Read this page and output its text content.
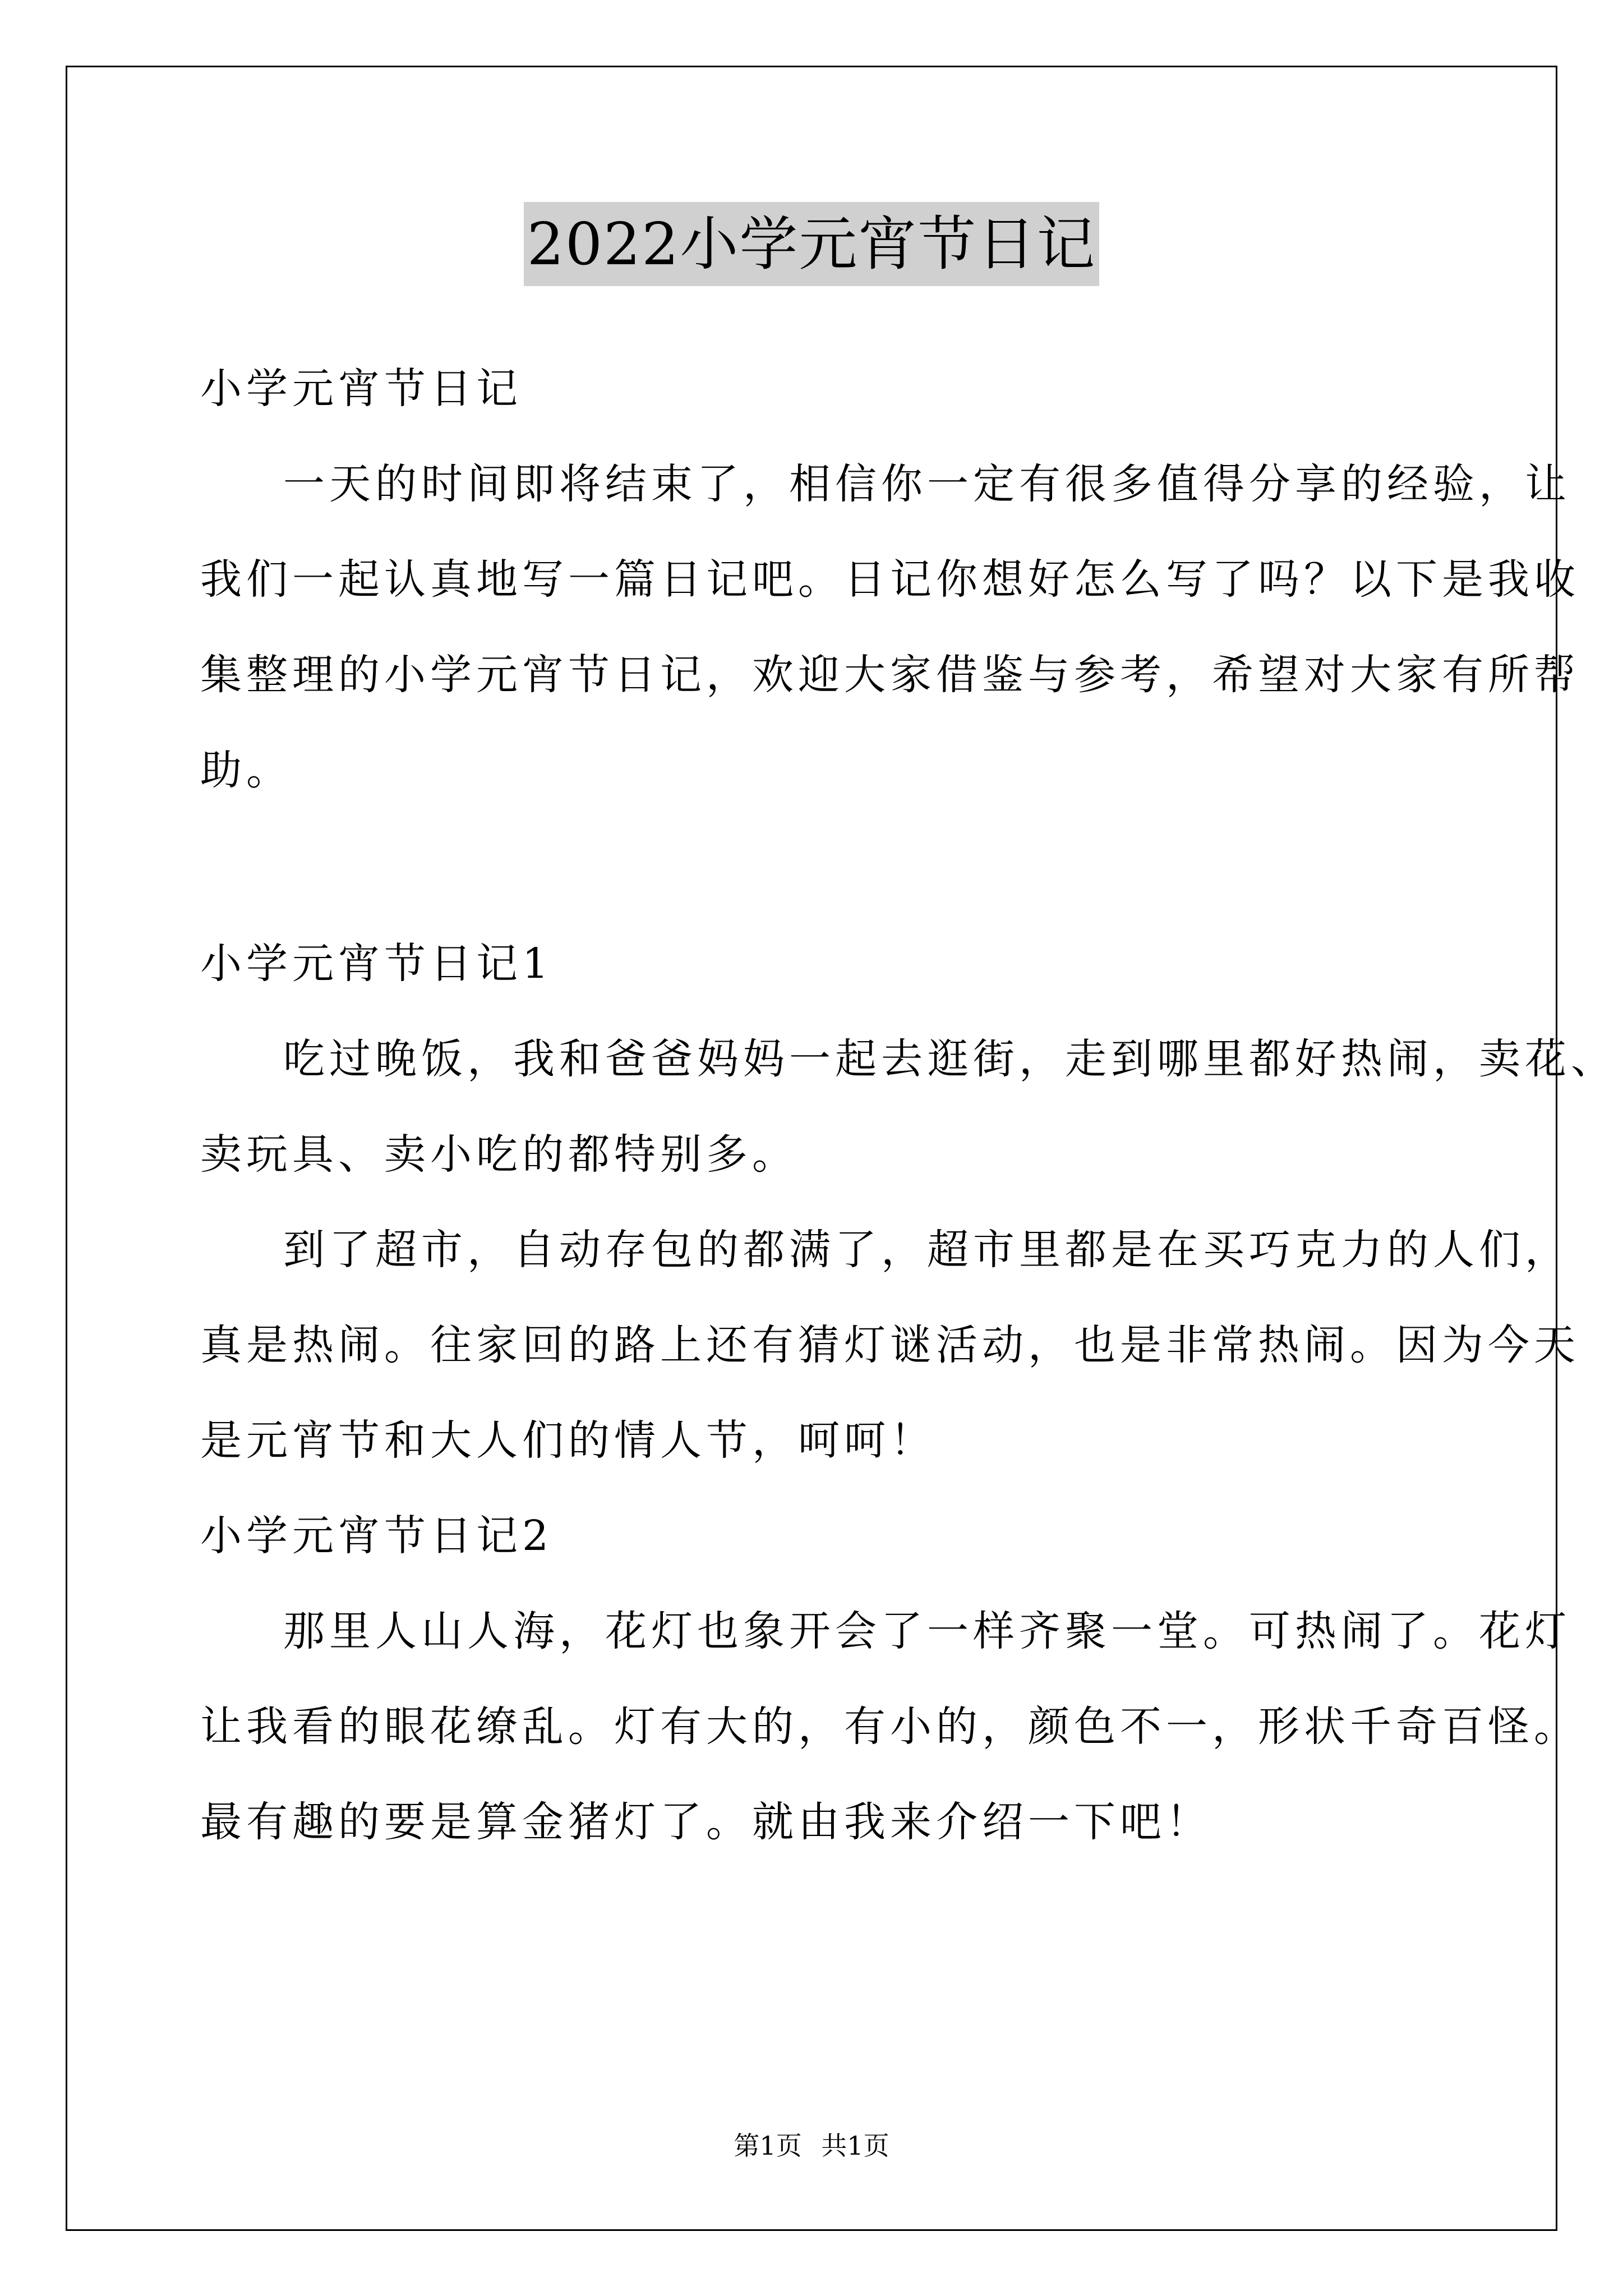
2022小学元宵节日记
小学元宵节日记
一天的时间即将结束了，相信你一定有很多值得分享的经验，让
我们一起认真地写一篇日记吧。日记你想好怎么写了吗？以下是我收
集整理的小学元宵节日记，欢迎大家借鉴与参考，希望对大家有所帮
助。
小学元宵节日记1
吃过晚饭，我和爸爸妈妈一起去逛街，走到哪里都好热闹，卖花、
卖玩具、卖小吃的都特别多。
到了超市，自动存包的都满了，超市里都是在买巧克力的人们，
真是热闹。往家回的路上还有猜灯谜活动，也是非常热闹。因为今天
是元宵节和大人们的情人节，呵呵！
小学元宵节日记2
那里人山人海，花灯也象开会了一样齐聚一堂。可热闹了。花灯
让我看的眼花缭乱。灯有大的，有小的，颜色不一，形状千奇百怪。
最有趣的要是算金猪灯了。就由我来介绍一下吧！
第1页 共1页
